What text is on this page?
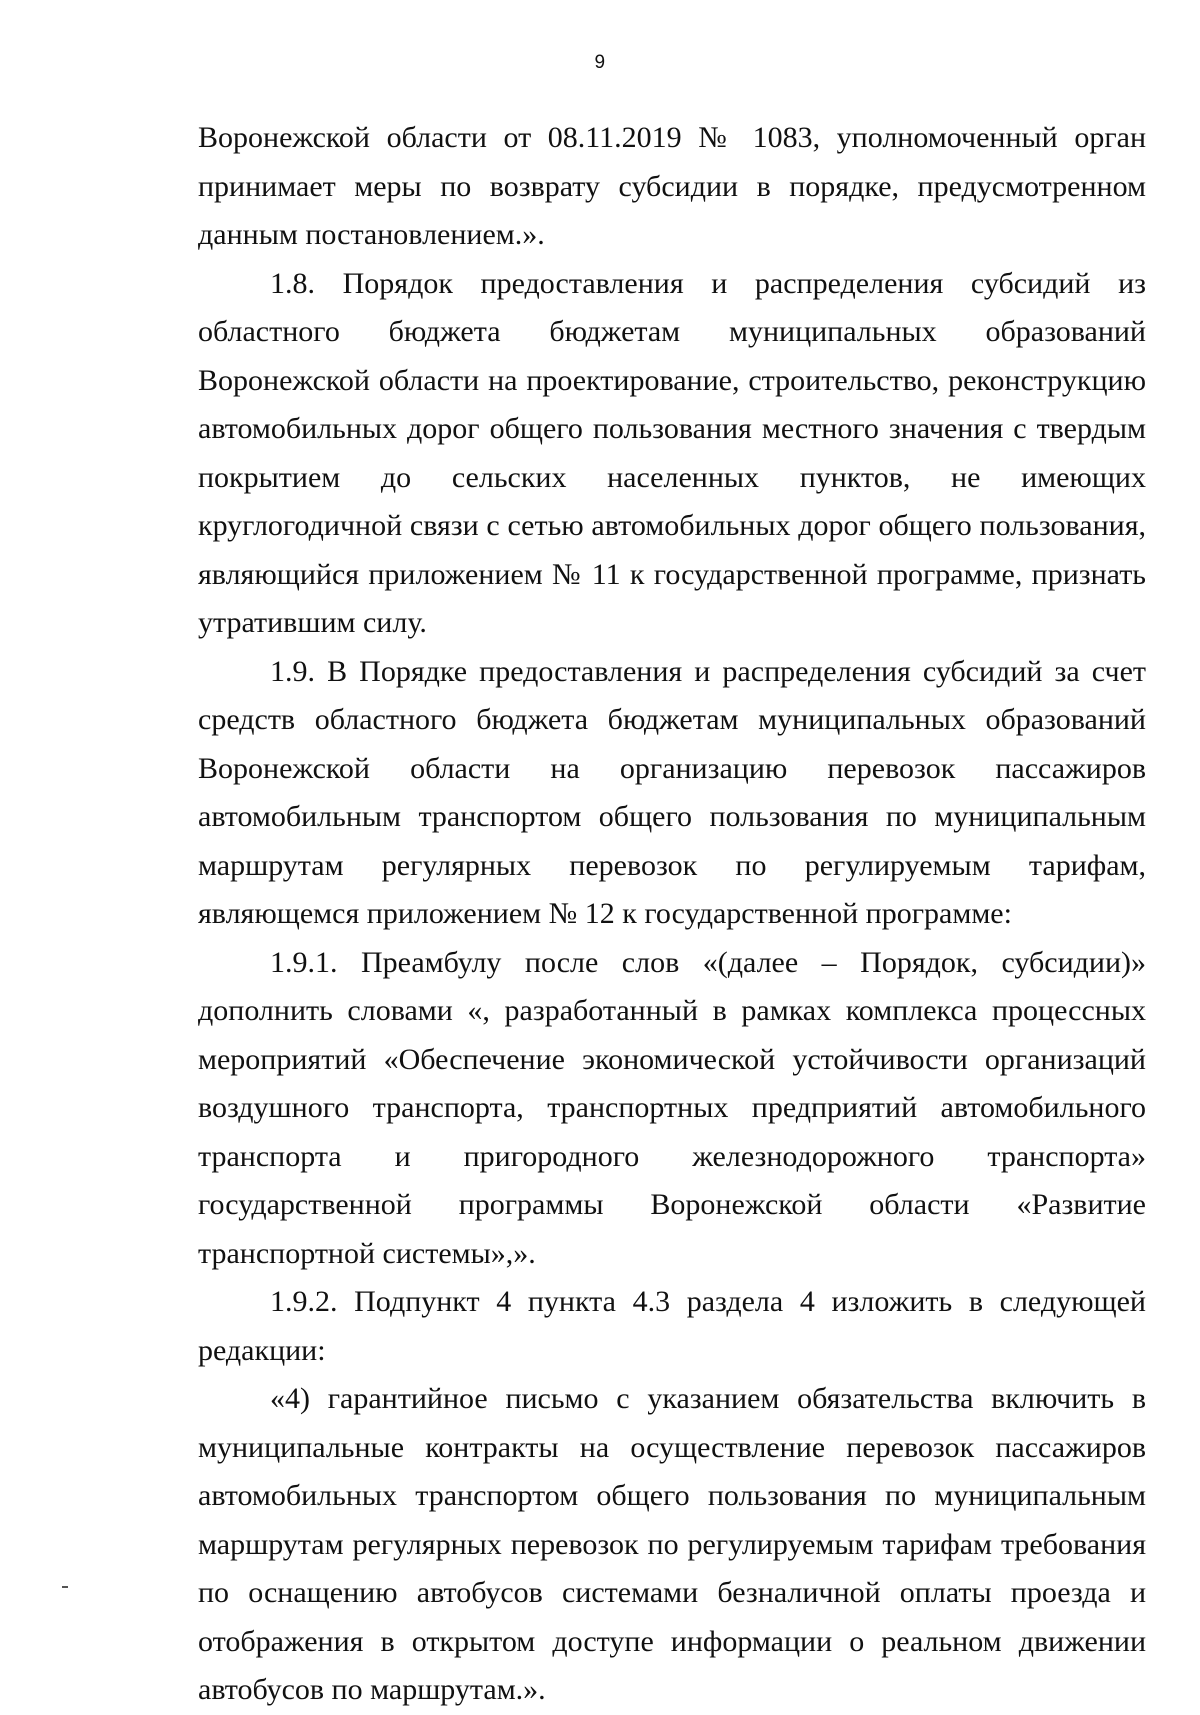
9

Воронежской области от 08.11.2019 № 1083, уполномоченный орган принимает меры по возврату субсидии в порядке, предусмотренном данным постановлением.».

1.8. Порядок предоставления и распределения субсидий из областного бюджета бюджетам муниципальных образований Воронежской области на проектирование, строительство, реконструкцию автомобильных дорог общего пользования местного значения с твердым покрытием до сельских населенных пунктов, не имеющих круглогодичной связи с сетью автомобильных дорог общего пользования, являющийся приложением № 11 к государственной программе, признать утратившим силу.

1.9. В Порядке предоставления и распределения субсидий за счет средств областного бюджета бюджетам муниципальных образований Воронежской области на организацию перевозок пассажиров автомобильным транспортом общего пользования по муниципальным маршрутам регулярных перевозок по регулируемым тарифам, являющемся приложением № 12 к государственной программе:

1.9.1. Преамбулу после слов «(далее – Порядок, субсидии)» дополнить словами «, разработанный в рамках комплекса процессных мероприятий «Обеспечение экономической устойчивости организаций воздушного транспорта, транспортных предприятий автомобильного транспорта и пригородного железнодорожного транспорта» государственной программы Воронежской области «Развитие транспортной системы»,».

1.9.2. Подпункт 4 пункта 4.3 раздела 4 изложить в следующей редакции:

«4) гарантийное письмо с указанием обязательства включить в муниципальные контракты на осуществление перевозок пассажиров автомобильных транспортом общего пользования по муниципальным маршрутам регулярных перевозок по регулируемым тарифам требования по оснащению автобусов системами безналичной оплаты проезда и отображения в открытом доступе информации о реальном движении автобусов по маршрутам.».
